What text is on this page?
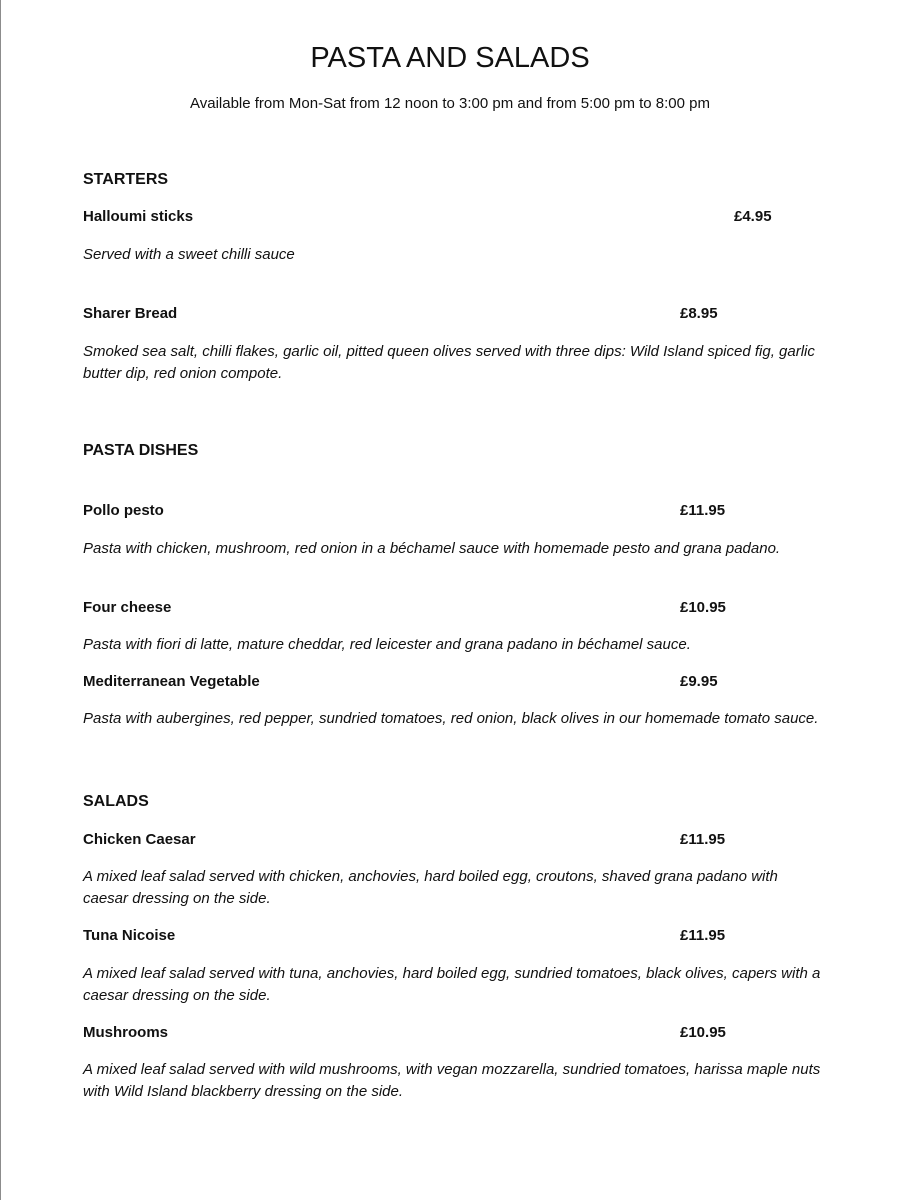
PASTA AND SALADS
Available from Mon-Sat from 12 noon to 3:00 pm and from 5:00 pm to 8:00 pm
STARTERS
Halloumi sticks	£4.95
Served with a sweet chilli sauce
Sharer Bread	£8.95
Smoked sea salt, chilli flakes, garlic oil, pitted queen olives served with three dips: Wild Island spiced fig, garlic butter dip, red onion compote.
PASTA DISHES
Pollo pesto	£11.95
Pasta with chicken, mushroom, red onion in a béchamel sauce with homemade pesto and grana padano.
Four cheese	£10.95
Pasta with fiori di latte, mature cheddar, red leicester and grana padano in béchamel sauce.
Mediterranean Vegetable	£9.95
Pasta with aubergines, red pepper, sundried tomatoes, red onion, black olives in our homemade tomato sauce.
SALADS
Chicken Caesar	£11.95
A mixed leaf salad served with chicken, anchovies, hard boiled egg, croutons, shaved grana padano with caesar dressing on the side.
Tuna Nicoise	£11.95
A mixed leaf salad served with tuna, anchovies, hard boiled egg, sundried tomatoes, black olives, capers with a caesar dressing on the side.
Mushrooms	£10.95
A mixed leaf salad served with wild mushrooms, with vegan mozzarella, sundried tomatoes, harissa maple nuts with Wild Island blackberry dressing on the side.
